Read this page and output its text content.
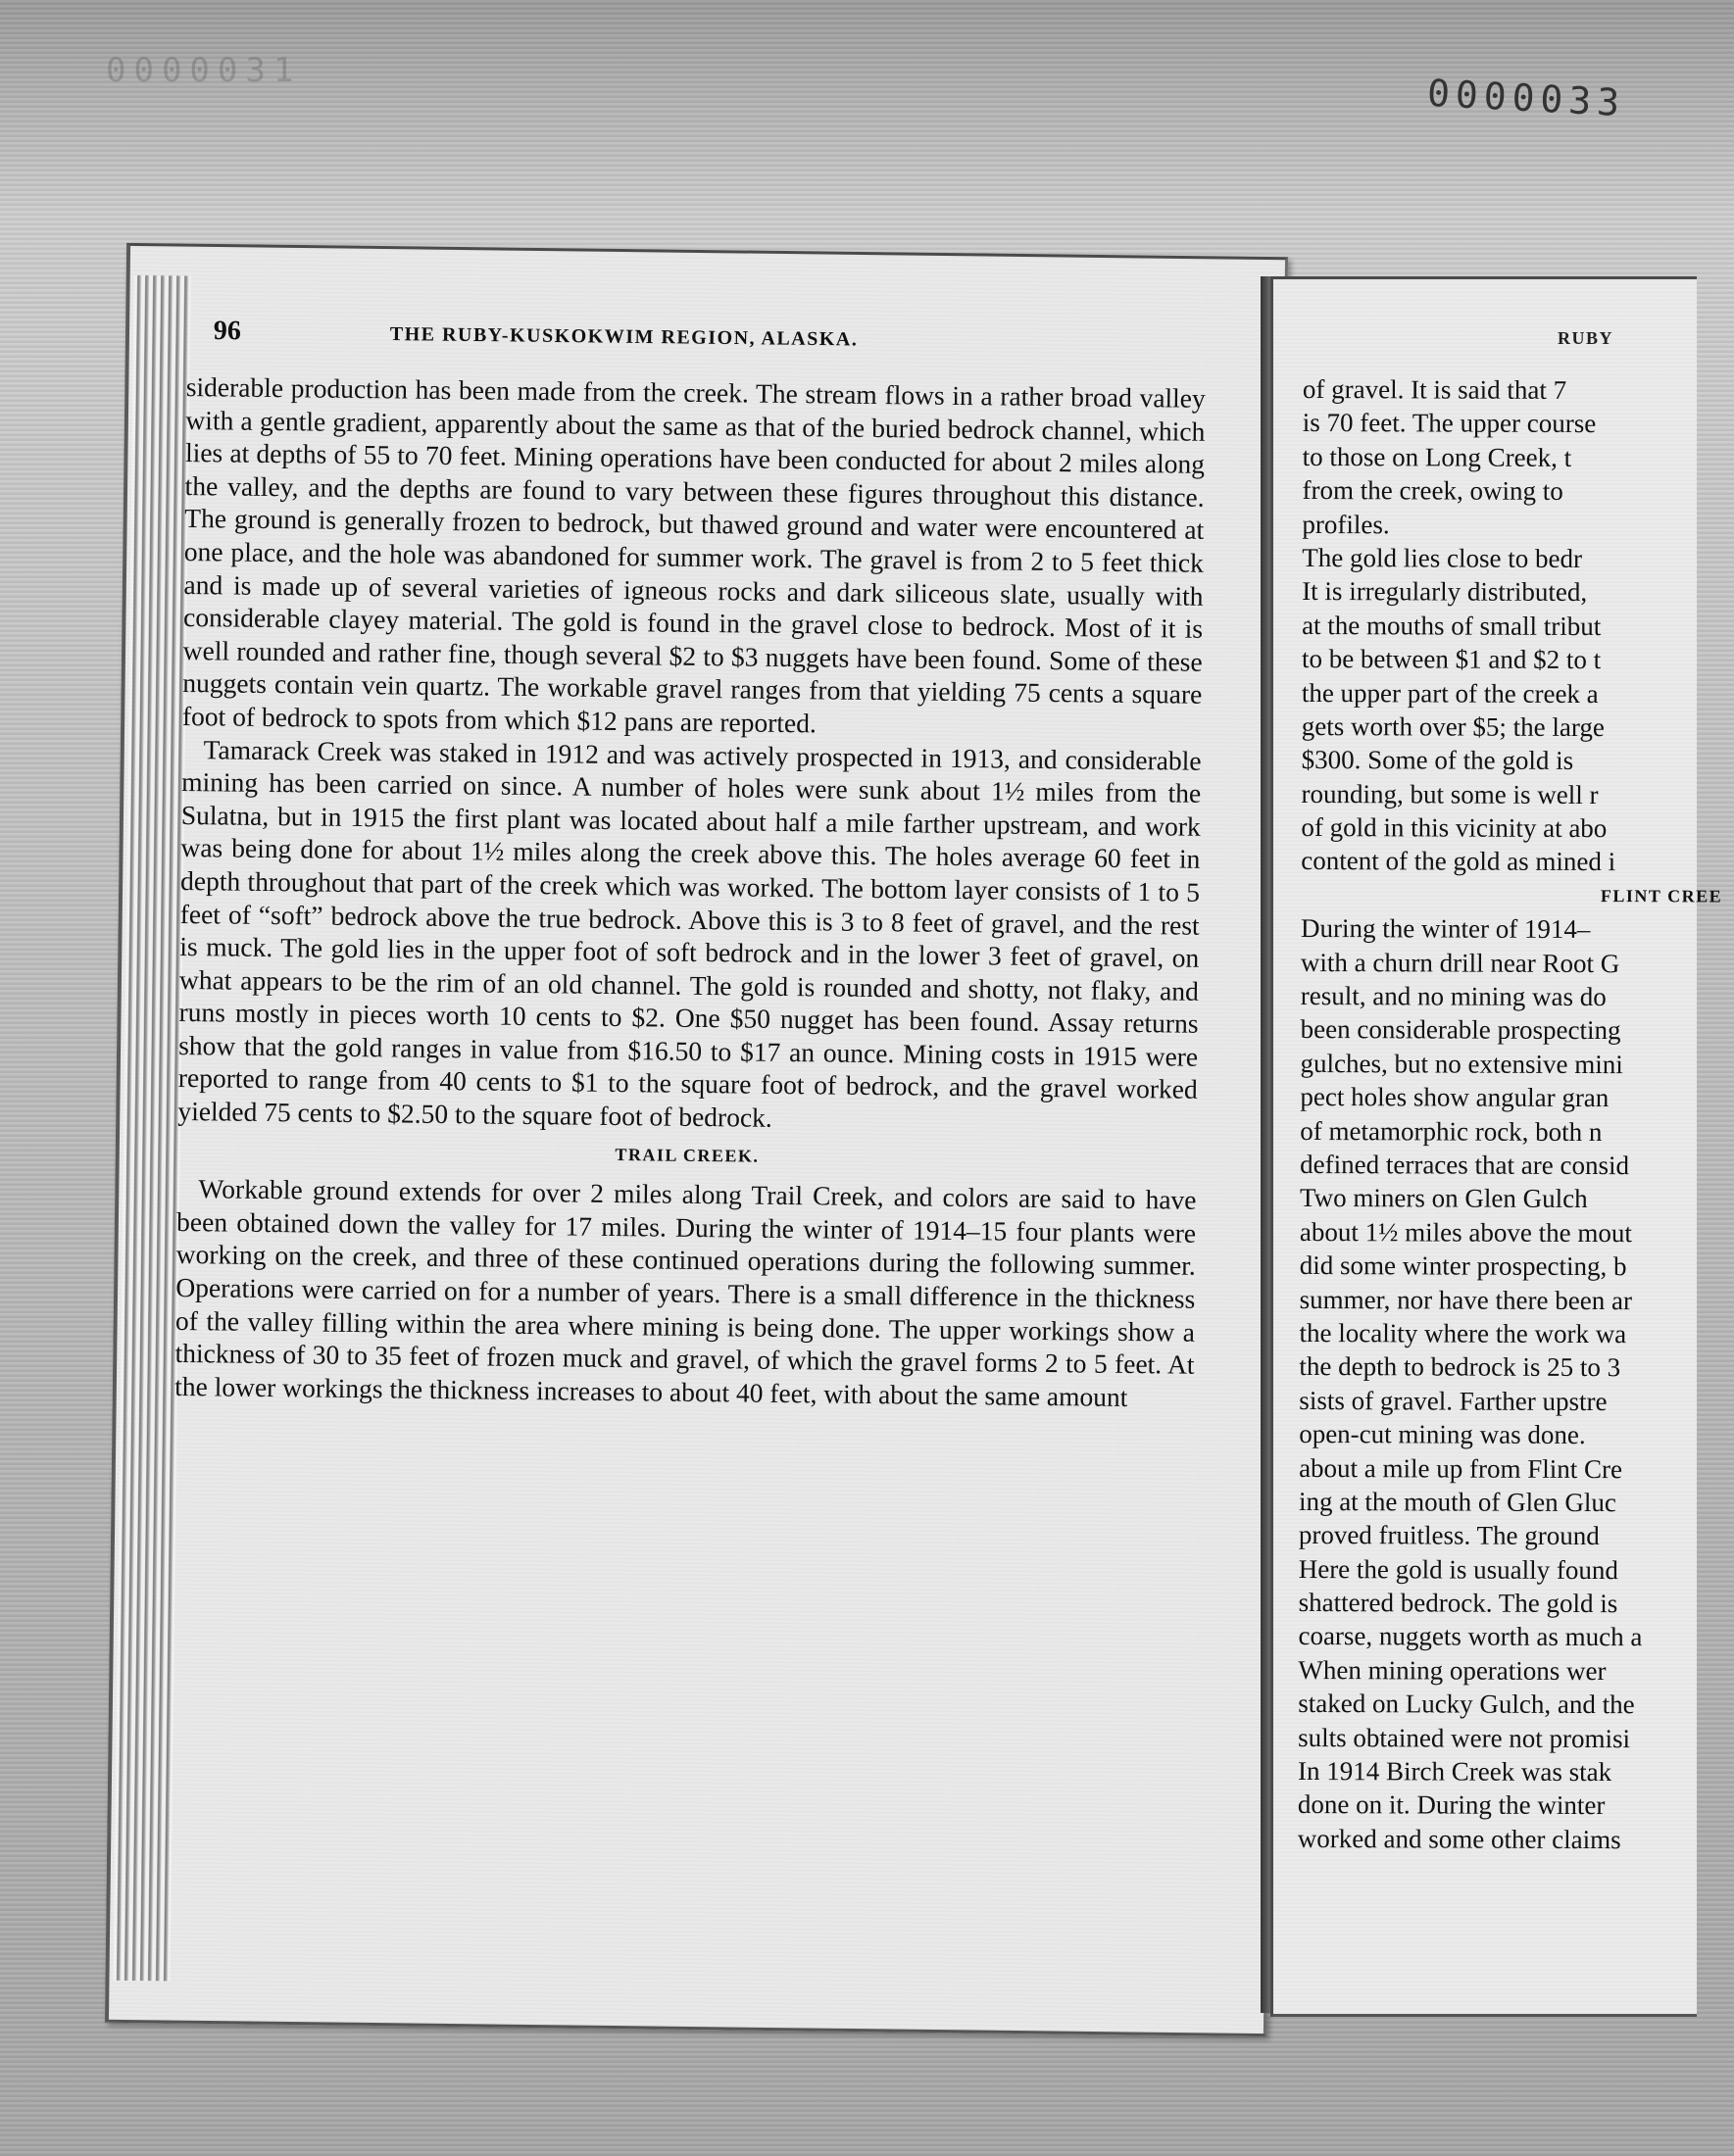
0000031
0000033
96	THE RUBY-KUSKOKWIM REGION, ALASKA.

siderable production has been made from the creek. The stream flows in a rather broad valley with a gentle gradient, apparently about the same as that of the buried bedrock channel, which lies at depths of 55 to 70 feet. Mining operations have been conducted for about 2 miles along the valley, and the depths are found to vary between these figures throughout this distance. The ground is generally frozen to bedrock, but thawed ground and water were encountered at one place, and the hole was abandoned for summer work. The gravel is from 2 to 5 feet thick and is made up of several varieties of igneous rocks and dark siliceous slate, usually with considerable clayey material. The gold is found in the gravel close to bedrock. Most of it is well rounded and rather fine, though several $2 to $3 nuggets have been found. Some of these nuggets contain vein quartz. The workable gravel ranges from that yielding 75 cents a square foot of bedrock to spots from which $12 pans are reported.

Tamarack Creek was staked in 1912 and was actively prospected in 1913, and considerable mining has been carried on since. A number of holes were sunk about 1½ miles from the Sulatna, but in 1915 the first plant was located about half a mile farther upstream, and work was being done for about 1½ miles along the creek above this. The holes average 60 feet in depth throughout that part of the creek which was worked. The bottom layer consists of 1 to 5 feet of “soft” bedrock above the true bedrock. Above this is 3 to 8 feet of gravel, and the rest is muck. The gold lies in the upper foot of soft bedrock and in the lower 3 feet of gravel, on what appears to be the rim of an old channel. The gold is rounded and shotty, not flaky, and runs mostly in pieces worth 10 cents to $2. One $50 nugget has been found. Assay returns show that the gold ranges in value from $16.50 to $17 an ounce. Mining costs in 1915 were reported to range from 40 cents to $1 to the square foot of bedrock, and the gravel worked yielded 75 cents to $2.50 to the square foot of bedrock.

TRAIL CREEK.

Workable ground extends for over 2 miles along Trail Creek, and colors are said to have been obtained down the valley for 17 miles. During the winter of 1914–15 four plants were working on the creek, and three of these continued operations during the following summer. Operations were carried on for a number of years. There is a small difference in the thickness of the valley filling within the area where mining is being done. The upper workings show a thickness of 30 to 35 feet of frozen muck and gravel, of which the gravel forms 2 to 5 feet. At the lower workings the thickness increases to about 40 feet, with about the same amount

RUBY
of gravel. It is said that 7
is 70 feet. The upper course
to those on Long Creek, t
from the creek, owing to
profiles.
The gold lies close to bedr
It is irregularly distributed,
at the mouths of small tribut
to be between $1 and $2 to t
the upper part of the creek a
gets worth over $5; the large
$300. Some of the gold is
rounding, but some is well r
of gold in this vicinity at abo
content of the gold as mined i
FLINT CREE
During the winter of 1914–
with a churn drill near Root G
result, and no mining was do
been considerable prospecting
gulches, but no extensive mini
pect holes show angular gran
of metamorphic rock, both n
defined terraces that are consid
Two miners on Glen Gulch
about 1½ miles above the mout
did some winter prospecting, b
summer, nor have there been ar
the locality where the work wa
the depth to bedrock is 25 to 3
sists of gravel. Farther upstre
open-cut mining was done.
about a mile up from Flint Cre
ing at the mouth of Glen Gluc
proved fruitless. The ground
Here the gold is usually found
shattered bedrock. The gold is
coarse, nuggets worth as much a
When mining operations wer
staked on Lucky Gulch, and the
sults obtained were not promisi
In 1914 Birch Creek was stak
done on it. During the winter
worked and some other claims
